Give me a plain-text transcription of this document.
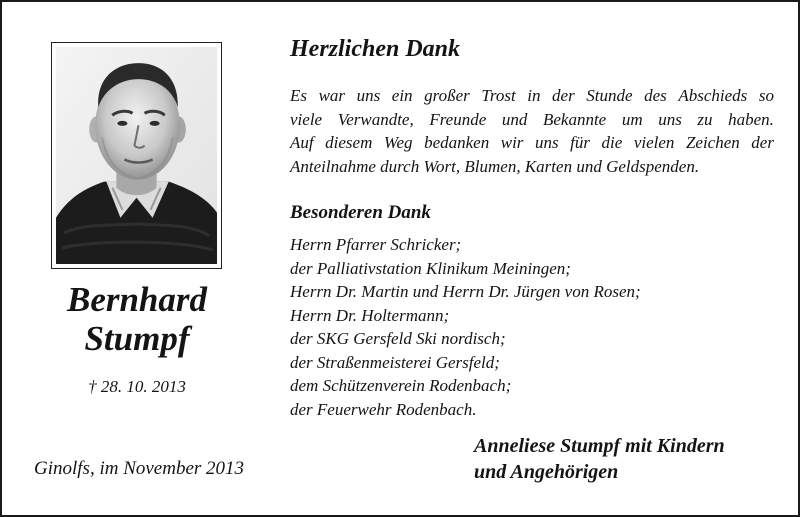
Bernhard
Stumpf
† 28. 10. 2013
Ginolfs, im November 2013
Herzlichen Dank
Es war uns ein großer Trost in der Stunde des Abschieds so
viele Verwandte, Freunde und Bekannte um uns zu haben.
Auf diesem Weg bedanken wir uns für die vielen Zeichen der
Anteilnahme durch Wort, Blumen, Karten und Geldspenden.
Besonderen Dank
Herrn Pfarrer Schricker;
der Palliativstation Klinikum Meiningen;
Herrn Dr. Martin und Herrn Dr. Jürgen von Rosen;
Herrn Dr. Holtermann;
der SKG Gersfeld Ski nordisch;
der Straßenmeisterei Gersfeld;
dem Schützenverein Rodenbach;
der Feuerwehr Rodenbach.
Anneliese Stumpf mit Kindern
und Angehörigen
